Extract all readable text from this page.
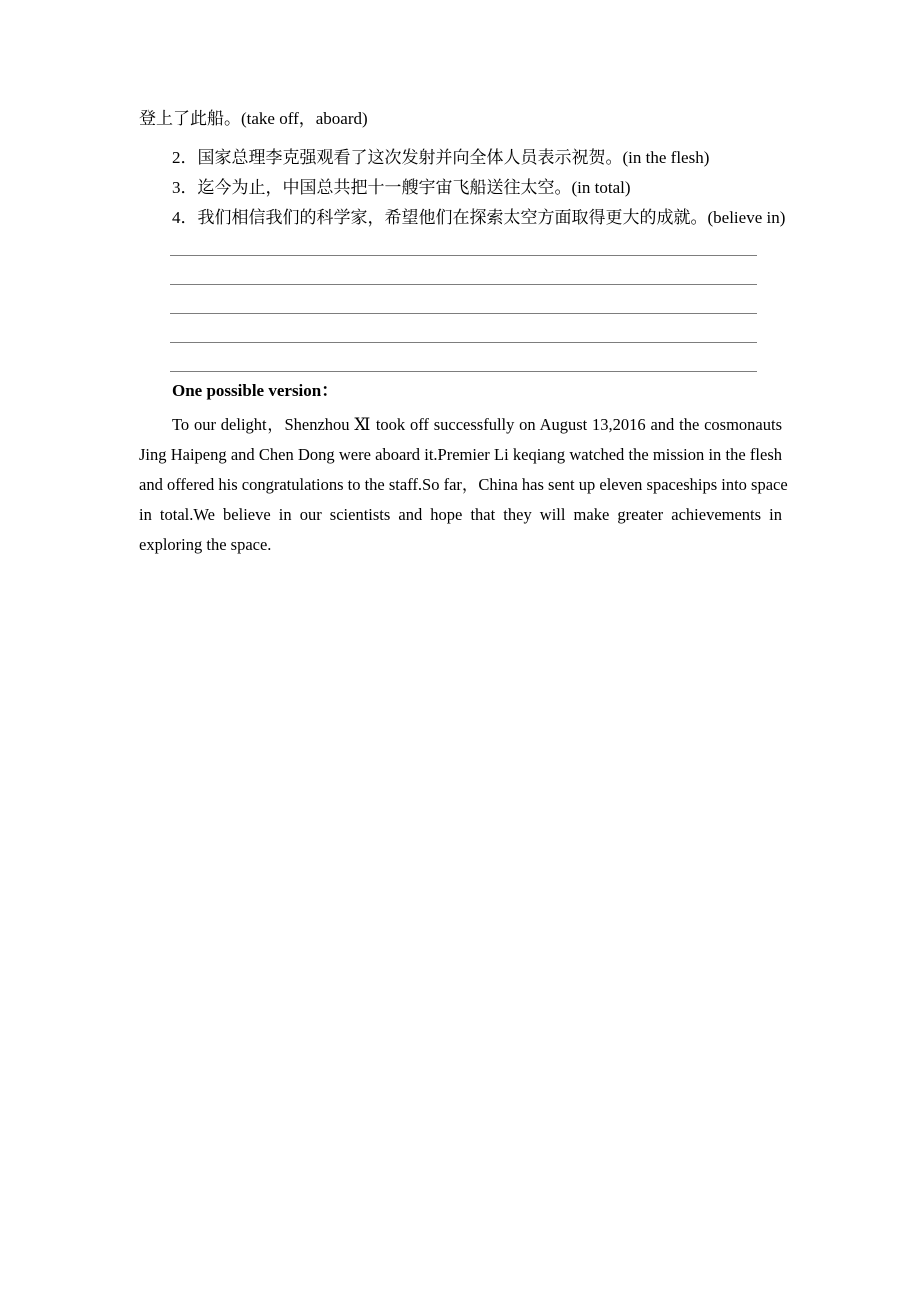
登上了此船。(take off，aboard)

2．国家总理李克强观看了这次发射并向全体人员表示祝贺。(in the flesh)

3．迄今为止，中国总共把十一艘宇宙飞船送往太空。(in total)

4．我们相信我们的科学家，希望他们在探索太空方面取得更大的成就。(believe in)

One possible version：

To our delight，Shenzhou Ⅺ took off successfully on August 13,2016 and the cosmonauts
Jing Haipeng and Chen Dong were aboard it.Premier Li keqiang watched the mission in the flesh
and offered his congratulations to the staff.So far，China has sent up eleven spaceships into space
in total.We believe in our scientists and hope that they will make greater achievements in
exploring the space.
